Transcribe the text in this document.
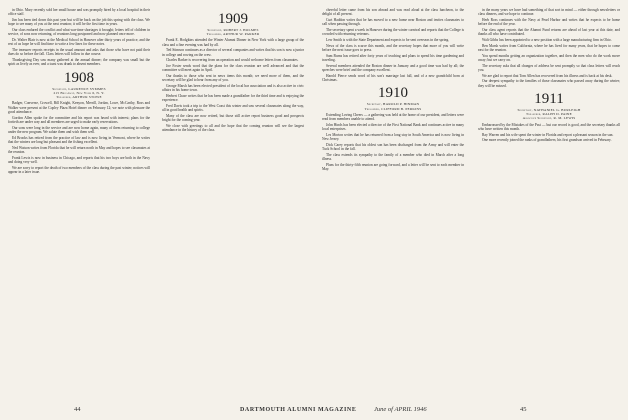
in Ohio. Mary recently sold her small house and was promptly hired by a local hospital in their office staff.

Jim has been tied down this past year but will be back on the job this spring with the class. We hope to see many of you at the next reunion; it will be the first time in years.

Our class endured the conflict and what war-time shortages it brought; letters tell of children in service, of sons now returning, of reunions long postponed and now planned once more.

Dr. Walter Blair is now at the Medical School in Hanover after thirty years of practice, and the rest of us hope he will find time to write a few lines for these notes.

The treasurer reports receipts in the usual amount and asks that those who have not paid their dues do so before the fall. Class letters will follow in due course.

Thanksgiving Day saw many gathered at the annual dinner; the company was small but the spirit as lively as ever, and a toast was drunk to absent members.

1908
Secretary, LAURENCE SYMMES
215 Broadway, New York 6, N. Y.
Treasurer, ARTHUR STOWE

Badger, Converse, Crowell, Bill Knight, Kenyon, Merrill, Jordan, Lowe, McCarthy, Ross and Walker were present at the Copley Plaza Hotel dinner on February 12; we note with pleasure the good attendance.

Gordon Allen spoke for the committee and his report was heard with interest; plans for the fortieth are under way and all members are urged to make early reservations.

Our sons were long in the service and are now home again, many of them returning to college under the new program. We salute them and wish them well.

Ed Brooks has retired from the practice of law and is now living in Vermont, where he writes that the winters are long but pleasant and the fishing excellent.

Ned Watson writes from Florida that he will return north in May and hopes to see classmates at the reunion.

Frank Lewis is now in business in Chicago, and reports that his two boys are both in the Navy and doing very well.

We are sorry to report the death of two members of the class during the past winter; notices will appear in a later issue.

1909
Secretary, ROBERT J. HOLMES
Treasurer, ARTHUR W. PARKER

Frank E. Hodgkins attended the Winter Alumni Dinner in New York with a large group of the class and a fine evening was had by all.

Ted Stimson continues as a director of several companies and writes that his son is now a junior in college and rowing on the crew.

Charles Barker is recovering from an operation and would welcome letters from classmates.

Joe Foster sends word that the plans for the class reunion are well advanced and that the committee will meet again in April.

Our thanks to those who sent in news items this month; we need more of them, and the secretary will be glad to hear from any of you.

George Marsh has been elected president of the local bar association and is also active in civic affairs in his home town.

Herbert Chase writes that he has been made a grandfather for the third time and is enjoying the experience.

Fred Davis took a trip to the West Coast this winter and saw several classmates along the way, all in good health and spirits.

Many of the class are now retired, but those still active report business good and prospects bright for the coming year.

We close with greetings to all and the hope that the coming reunion will see the largest attendance in the history of the class.

cheerful letter came from his son abroad and was read aloud at the class luncheon, to the delight of all present.

Curt Haddon writes that he has moved to a new home near Boston and invites classmates to call when passing through.

The secretary spent a week in Hanover during the winter carnival and reports that the College is crowded with returning veterans.

Lew Smith is with the State Department and expects to be sent overseas in the spring.

News of the class is scarce this month, and the secretary hopes that more of you will write before the next issue goes to press.

Sam Burns has retired after forty years of teaching and plans to spend his time gardening and traveling.

Several members attended the Boston dinner in January and a good time was had by all; the speeches were brief and the company excellent.

Harold Pierce sends word of his son's marriage last fall, and of a new grandchild born at Christmas.

1910
Secretary, HAROLD P. HINMAN
Treasurer, CLIFFORD B. PERKINS

Extending Loving Cheers — a gathering was held at the home of our president, and letters were read from members unable to attend.

John Hinds has been elected a director of the First National Bank and continues active in many local enterprises.

Les Morton writes that he has returned from a long stay in South America and is now living in New Jersey.

Dick Carey reports that his oldest son has been discharged from the Army and will enter the Tuck School in the fall.

The class extends its sympathy to the family of a member who died in March after a long illness.

Plans for the thirty-fifth reunion are going forward, and a letter will be sent to each member in May.

in the many years we have had something of that sort in mind — either through newsletters or class dinners, and we hope to continue.

Herb Ross continues with the Navy at Pearl Harbor and writes that he expects to be home before the end of the year.

Our class agent reports that the Alumni Fund returns are ahead of last year at this date, and thanks all who have contributed.

Walt Gibbs has been appointed to a new position with a large manufacturing firm in Ohio.

Ben Marsh writes from California, where he has lived for many years, that he hopes to come east for the reunion.

You spend months getting an organization together, and then the men who do the work move away; but we carry on.

The secretary asks that all changes of address be sent promptly so that class letters will reach you.

We are glad to report that Tom Allen has recovered from his illness and is back at his desk.

Our deepest sympathy to the families of those classmates who passed away during the winter; they will be missed.

1911
Secretary, NATHANIEL G. BURLEIGH
Treasurer, RALPH D. PAINE
Associate Secretary, R. M. LEWIS

Embarrassed by the Mistakes of the Past — but our record is good, and the secretary thanks all who have written this month.

Ray Warren and his wife spent the winter in Florida and report a pleasant season in the sun.

One more recently joined the ranks of grandfathers; his first grandson arrived in February.

44	DARTMOUTH ALUMNI MAGAZINE	June of APRIL 1946	45
